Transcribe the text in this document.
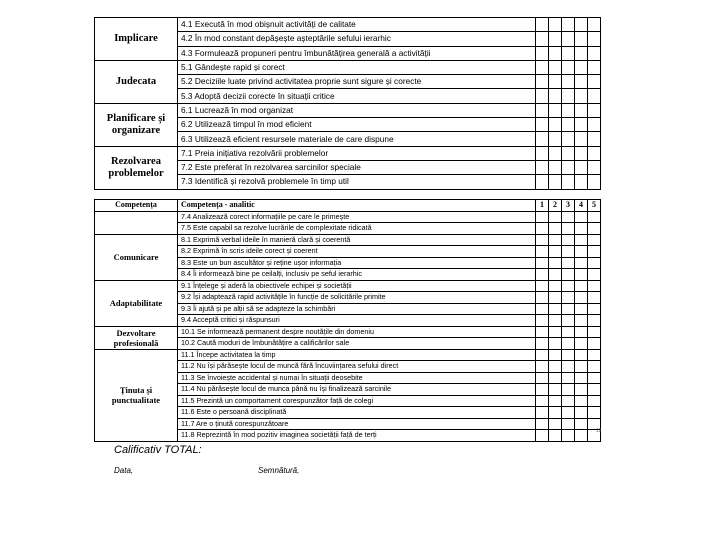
Implicare	4.1 Execută în mod obișnuit activități de calitate					
	4.2 În mod constant depășește așteptările sefului ierarhic					
	4.3 Formulează propuneri pentru îmbunătățirea generală a activității					
Judecata	5.1 Gândește rapid și corect					
	5.2 Deciziile luate privind activitatea proprie sunt sigure și corecte					
	5.3 Adoptă decizii corecte în situații critice					
Planificare și organizare	6.1 Lucrează în mod organizat					
	6.2 Utilizează timpul în mod eficient					
	6.3 Utilizează eficient resursele materiale de care dispune					
Rezolvarea problemelor	7.1 Preia inițiativa rezolvării problemelor					
	7.2 Este preferat în rezolvarea sarcinilor speciale					
	7.3 Identifică și rezolvă problemele în timp util					
Competența	Competența - analitic	1	2	3	4	5
	7.4 Analizează corect informațiile pe care le primește					
	7.5 Este capabil sa rezolve lucrările de complexitate ridicată					
Comunicare	8.1 Exprimă verbal ideile în manieră clară și coerentă					
	8.2 Exprimă în scris ideile corect și coerent					
	8.3 Este un bun ascultător și reține ușor informația					
	8.4 Îi informează bine pe ceilalți, inclusiv pe seful ierarhic					
Adaptabilitate	9.1 Înțelege și aderă la obiectivele echipei și societății					
	9.2 Își adaptează rapid activitățile în funcție de solicitările primite					
	9.3 Îi ajută și pe alții să se adapteze la schimbări					
	9.4 Acceptă critici și răspunsuri					
Dezvoltare profesională	10.1 Se informează permanent despre noutățile din domeniu					
	10.2 Caută moduri de îmbunătățire a calificărilor sale					
Ținuta și punctualitate	11.1 Începe activitatea la timp					
	11.2 Nu își părăsește locul de muncă fără încuviințarea sefului direct					
	11.3 Se învoiește accidental și numai în situații deosebite					
	11.4 Nu părăsește locul de munca până nu își finalizează sarcinile					
	11.5 Prezintă un comportament corespunzător față de colegi					
	11.6 Este o persoană disciplinată					
	11.7 Are o ținută corespunzătoare					
	11.8 Reprezintă în mod pozitiv imaginea societății față de terți						12
Calificativ TOTAL:
Data,	Semnătură,
